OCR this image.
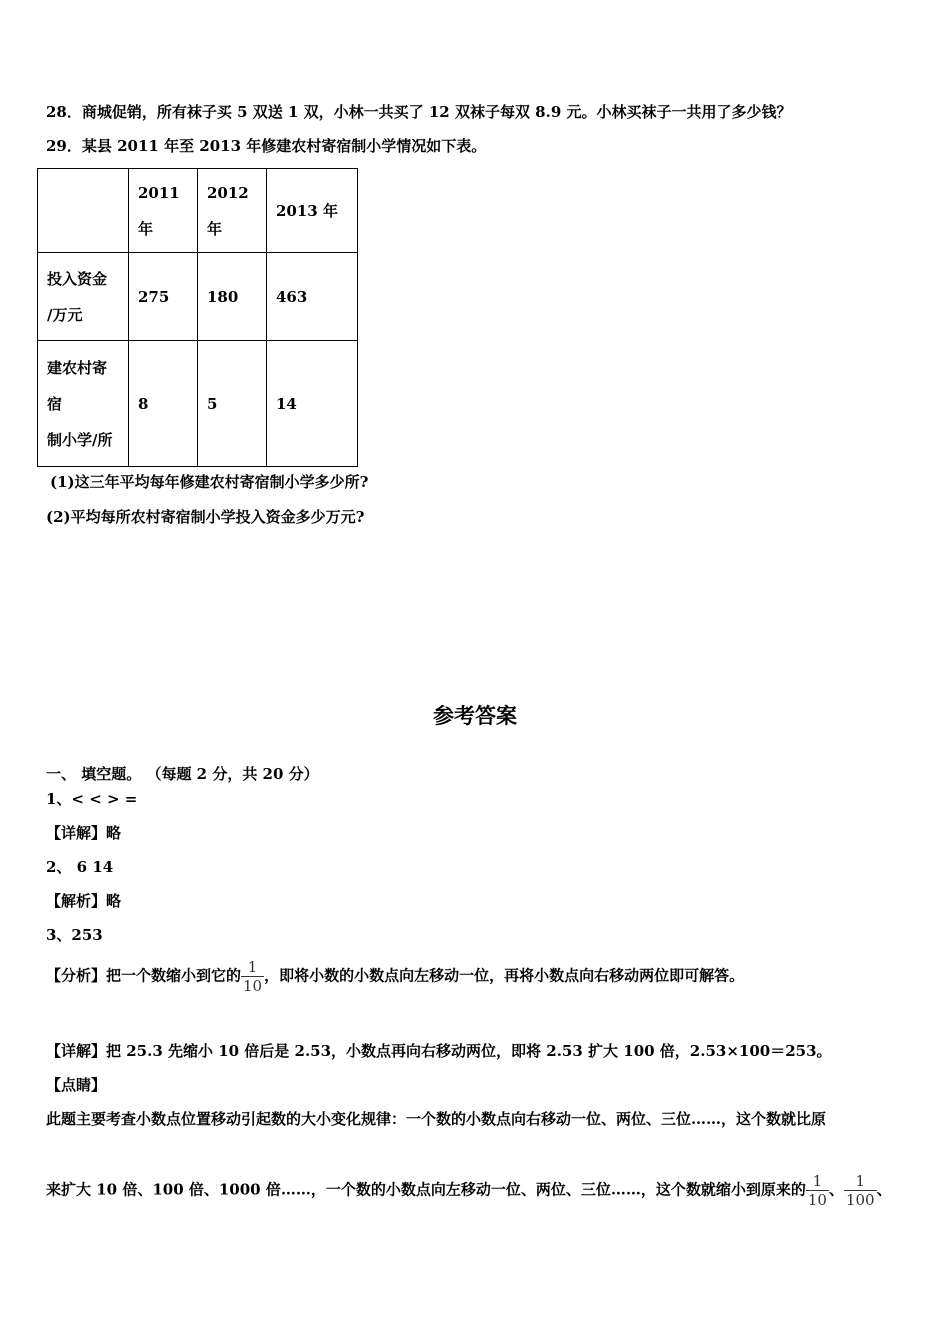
28．商城促销，所有袜子买 5 双送 1 双，小林一共买了 12 双袜子每双 8.9 元。小林买袜子一共用了多少钱？
29．某县 2011 年至 2013 年修建农村寄宿制小学情况如下表。
	2011 年	2012 年	2013 年
投入资金
/万元	275	180	463
建农村寄
宿
制小学/所	8	5	14
(1)这三年平均每年修建农村寄宿制小学多少所?
(2)平均每所农村寄宿制小学投入资金多少万元?
参考答案
一、 填空题。 （每题 2 分，共 20 分）
1、< < > =
【详解】略
2、 6 14
【解析】略
3、253
【分析】把一个数缩小到它的 $\frac{1}{10}$ ，即将小数的小数点向左移动一位，再将小数点向右移动两位即可解答。
【详解】把 25.3 先缩小 10 倍后是 2.53，小数点再向右移动两位，即将 2.53 扩大 100 倍，2.53×100＝253。
【点睛】
此题主要考查小数点位置移动引起数的大小变化规律：一个数的小数点向右移动一位、两位、三位……，这个数就比原
来扩大 10 倍、100 倍、1000 倍……，一个数的小数点向左移动一位、两位、三位……，这个数就缩小到原来的 $\frac{1}{10}$ 、 $\frac{1}{100}$ 、
